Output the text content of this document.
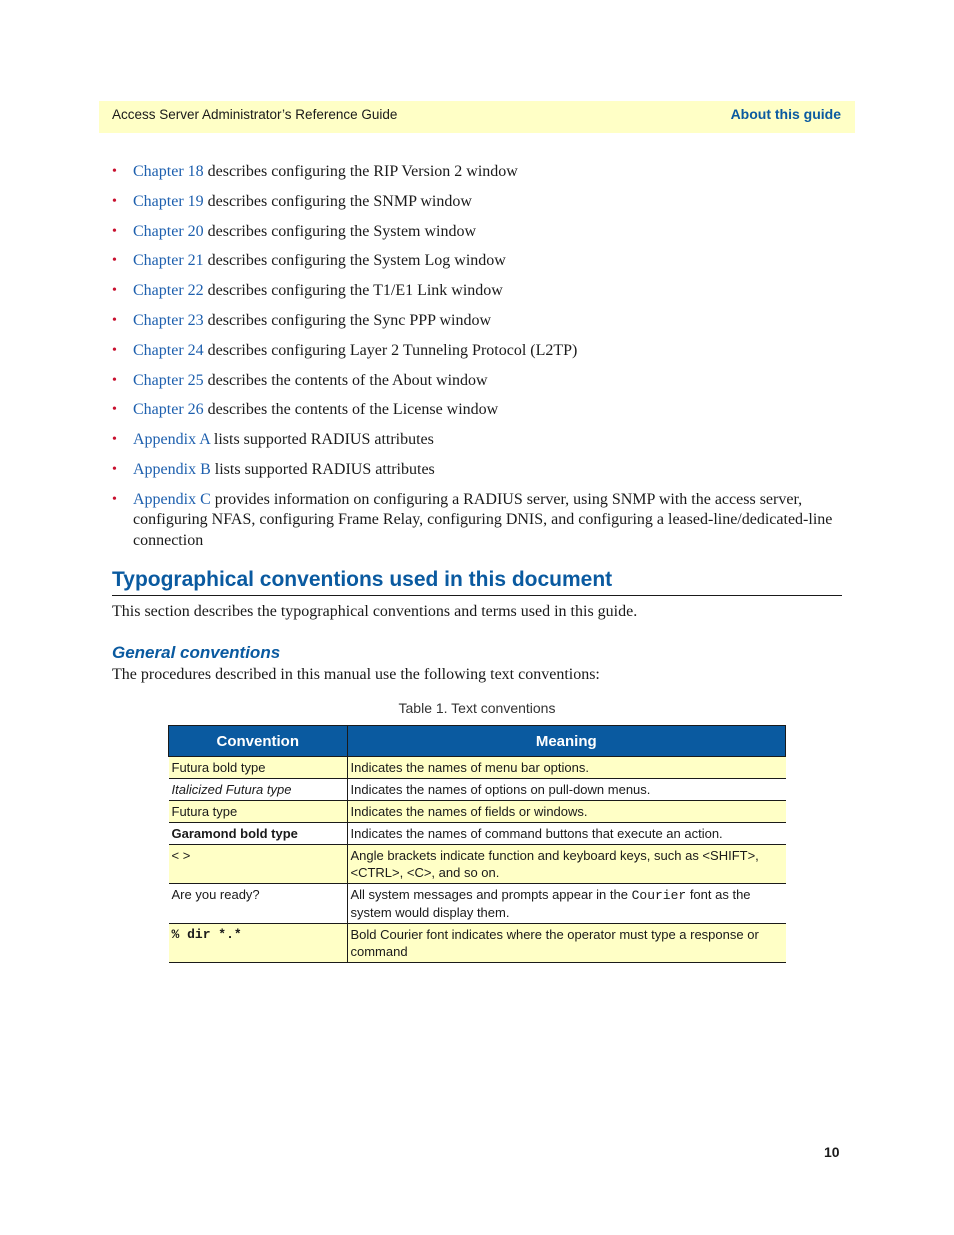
Access Server Administrator’s Reference Guide	About this guide
• Chapter 18 describes configuring the RIP Version 2 window
• Chapter 19 describes configuring the SNMP window
• Chapter 20 describes configuring the System window
• Chapter 21 describes configuring the System Log window
• Chapter 22 describes configuring the T1/E1 Link window
• Chapter 23 describes configuring the Sync PPP window
• Chapter 24 describes configuring Layer 2 Tunneling Protocol (L2TP)
• Chapter 25 describes the contents of the About window
• Chapter 26 describes the contents of the License window
• Appendix A lists supported RADIUS attributes
• Appendix B lists supported RADIUS attributes
• Appendix C provides information on configuring a RADIUS server, using SNMP with the access server, configuring NFAS, configuring Frame Relay, configuring DNIS, and configuring a leased-line/dedicated-line connection
Typographical conventions used in this document

This section describes the typographical conventions and terms used in this guide.

General conventions

The procedures described in this manual use the following text conventions:

Table 1. Text conventions

Convention	Meaning
Futura bold type	Indicates the names of menu bar options.
Italicized Futura type	Indicates the names of options on pull-down menus.
Futura type	Indicates the names of fields or windows.
Garamond bold type	Indicates the names of command buttons that execute an action.
< >	Angle brackets indicate function and keyboard keys, such as <SHIFT>, <CTRL>, <C>, and so on.
Are you ready?	All system messages and prompts appear in the Courier font as the system would display them.
% dir *.*	Bold Courier font indicates where the operator must type a response or command
10
